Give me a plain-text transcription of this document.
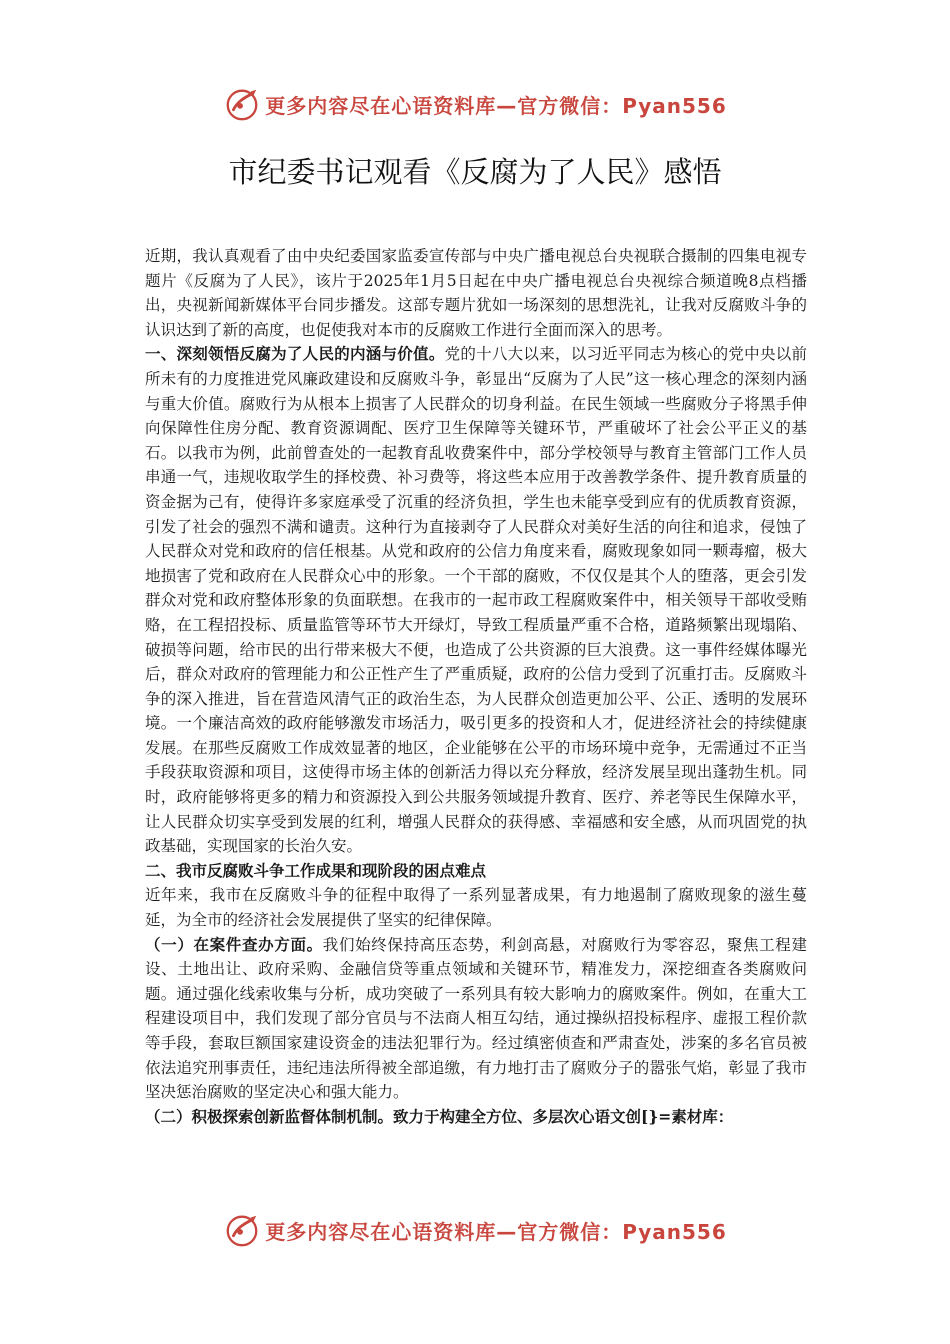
更多内容尽在心语资料库—官方微信：Pyan556
市纪委书记观看《反腐为了人民》感悟

近期，我认真观看了由中央纪委国家监委宣传部与中央广播电视总台央视联合摄制的四集电视专题片《反腐为了人民》，该片于2025年1月5日起在中央广播电视总台央视综合频道晚8点档播出，央视新闻新媒体平台同步播发。这部专题片犹如一场深刻的思想洗礼，让我对反腐败斗争的认识达到了新的高度，也促使我对本市的反腐败工作进行全面而深入的思考。

一、深刻领悟反腐为了人民的内涵与价值。党的十八大以来，以习近平同志为核心的党中央以前所未有的力度推进党风廉政建设和反腐败斗争，彰显出“反腐为了人民”这一核心理念的深刻内涵与重大价值。腐败行为从根本上损害了人民群众的切身利益。在民生领域一些腐败分子将黑手伸向保障性住房分配、教育资源调配、医疗卫生保障等关键环节，严重破坏了社会公平正义的基石。以我市为例，此前曾查处的一起教育乱收费案件中，部分学校领导与教育主管部门工作人员串通一气，违规收取学生的择校费、补习费等，将这些本应用于改善教学条件、提升教育质量的资金据为己有，使得许多家庭承受了沉重的经济负担，学生也未能享受到应有的优质教育资源，引发了社会的强烈不满和谴责。这种行为直接剥夺了人民群众对美好生活的向往和追求，侵蚀了人民群众对党和政府的信任根基。从党和政府的公信力角度来看，腐败现象如同一颗毒瘤，极大地损害了党和政府在人民群众心中的形象。一个干部的腐败，不仅仅是其个人的堕落，更会引发群众对党和政府整体形象的负面联想。在我市的一起市政工程腐败案件中，相关领导干部收受贿赂，在工程招投标、质量监管等环节大开绿灯，导致工程质量严重不合格，道路频繁出现塌陷、破损等问题，给市民的出行带来极大不便，也造成了公共资源的巨大浪费。这一事件经媒体曝光后，群众对政府的管理能力和公正性产生了严重质疑，政府的公信力受到了沉重打击。反腐败斗争的深入推进，旨在营造风清气正的政治生态，为人民群众创造更加公平、公正、透明的发展环境。一个廉洁高效的政府能够激发市场活力，吸引更多的投资和人才，促进经济社会的持续健康发展。在那些反腐败工作成效显著的地区，企业能够在公平的市场环境中竞争，无需通过不正当手段获取资源和项目，这使得市场主体的创新活力得以充分释放，经济发展呈现出蓬勃生机。同时，政府能够将更多的精力和资源投入到公共服务领域提升教育、医疗、养老等民生保障水平，让人民群众切实享受到发展的红利，增强人民群众的获得感、幸福感和安全感，从而巩固党的执政基础，实现国家的长治久安。

二、我市反腐败斗争工作成果和现阶段的困点难点

近年来，我市在反腐败斗争的征程中取得了一系列显著成果，有力地遏制了腐败现象的滋生蔓延，为全市的经济社会发展提供了坚实的纪律保障。

（一）在案件查办方面。我们始终保持高压态势，利剑高悬，对腐败行为零容忍，聚焦工程建设、土地出让、政府采购、金融信贷等重点领域和关键环节，精准发力，深挖细查各类腐败问题。通过强化线索收集与分析，成功突破了一系列具有较大影响力的腐败案件。例如，在重大工程建设项目中，我们发现了部分官员与不法商人相互勾结，通过操纵招投标程序、虚报工程价款等手段，套取巨额国家建设资金的违法犯罪行为。经过缜密侦查和严肃查处，涉案的多名官员被依法追究刑事责任，违纪违法所得被全部追缴，有力地打击了腐败分子的嚣张气焰，彰显了我市坚决惩治腐败的坚定决心和强大能力。

（二）积极探索创新监督体制机制。致力于构建全方位、多层次心语文创[}=素材库：

更多内容尽在心语资料库—官方微信：Pyan556
